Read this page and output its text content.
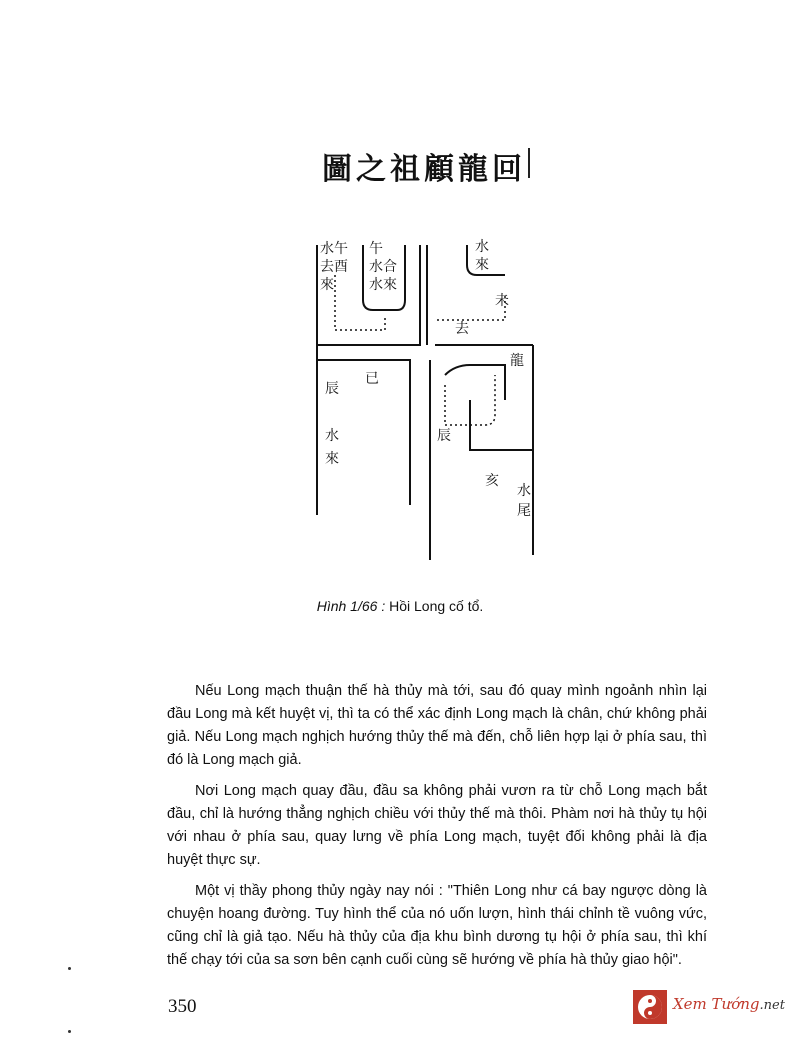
圖之祖顧龍回
水午
去酉
來
午
水合
水來
水
來
未
去
已
辰
龍
水
來
辰
亥
水
尾
Hình 1/66 : Hồi Long cố tổ.

Nếu Long mạch thuận thế hà thủy mà tới, sau đó quay mình ngoảnh nhìn lại đầu Long mà kết huyệt vị, thì ta có thể xác định Long mạch là chân, chứ không phải giả. Nếu Long mạch nghịch hướng thủy thế mà đến, chỗ liên hợp lại ở phía sau, thì đó là Long mạch giả.

Nơi Long mạch quay đầu, đầu sa không phải vươn ra từ chỗ Long mạch bắt đầu, chỉ là hướng thẳng nghịch chiều với thủy thế mà thôi. Phàm nơi hà thủy tụ hội với nhau ở phía sau, quay lưng về phía Long mạch, tuyệt đối không phải là địa huyệt thực sự.

Một vị thầy phong thủy ngày nay nói : "Thiên Long như cá bay ngược dòng là chuyện hoang đường. Tuy hình thể của nó uốn lượn, hình thái chỉnh tề vuông vức, cũng chỉ là giả tạo. Nếu hà thủy của địa khu bình dương tụ hội ở phía sau, thì khí thế chạy tới của sa sơn bên cạnh cuối cùng sẽ hướng về phía hà thủy giao hội".

350	Xem Tướng.net
